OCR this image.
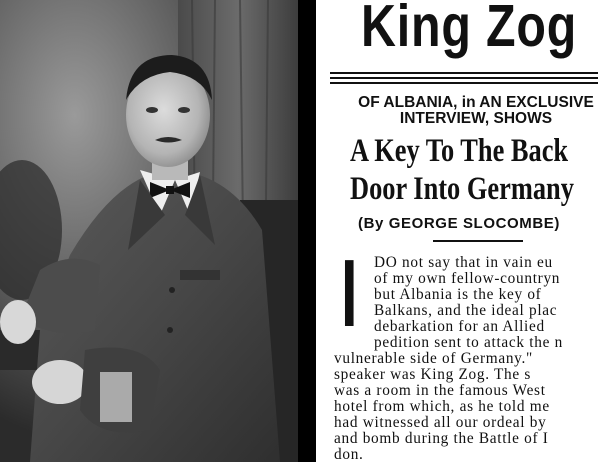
King Zog

OF ALBANIA, in AN EXCLUSIVE

INTERVIEW, SHOWS

A Key To The Back

Door Into Germany

(By GEORGE SLOCOMBE)

I	DO not say that in vain eu

of my own fellow-countryn

but Albania is the key of

Balkans, and the ideal plac

debarkation for an Allied

pedition sent to attack the n

vulnerable side of Germany."

speaker was King Zog. The s

was a room in the famous West

hotel from which, as he told me

had witnessed all our ordeal by

and bomb during the Battle of I

don.
